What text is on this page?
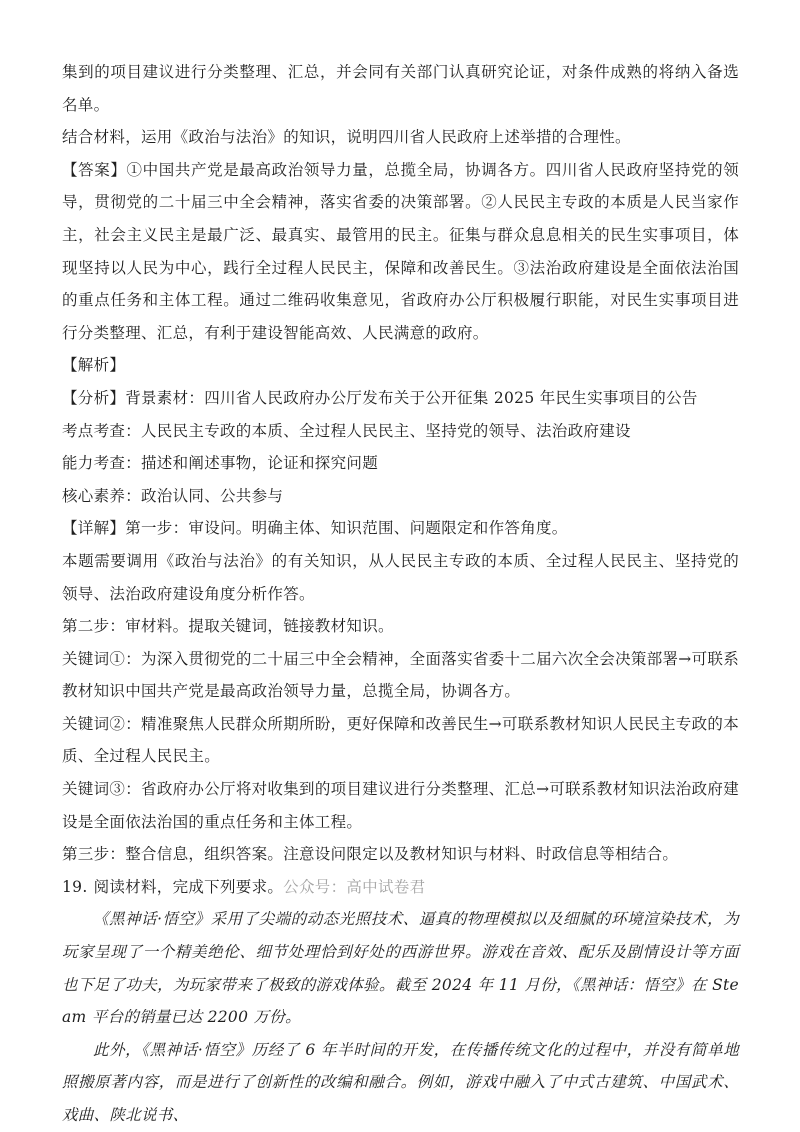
集到的项目建议进行分类整理、汇总，并会同有关部门认真研究论证，对条件成熟的将纳入备选名单。

结合材料，运用《政治与法治》的知识，说明四川省人民政府上述举措的合理性。

【答案】①中国共产党是最高政治领导力量，总揽全局，协调各方。四川省人民政府坚持党的领导，贯彻党的二十届三中全会精神，落实省委的决策部署。②人民民主专政的本质是人民当家作主，社会主义民主是最广泛、最真实、最管用的民主。征集与群众息息相关的民生实事项目，体现坚持以人民为中心，践行全过程人民民主，保障和改善民生。③法治政府建设是全面依法治国的重点任务和主体工程。通过二维码收集意见，省政府办公厅积极履行职能，对民生实事项目进行分类整理、汇总，有利于建设智能高效、人民满意的政府。

【解析】

【分析】背景素材：四川省人民政府办公厅发布关于公开征集 2025 年民生实事项目的公告

考点考查：人民民主专政的本质、全过程人民民主、坚持党的领导、法治政府建设

能力考查：描述和阐述事物，论证和探究问题

核心素养：政治认同、公共参与

【详解】第一步：审设问。明确主体、知识范围、问题限定和作答角度。

本题需要调用《政治与法治》的有关知识，从人民民主专政的本质、全过程人民民主、坚持党的领导、法治政府建设角度分析作答。

第二步：审材料。提取关键词，链接教材知识。

关键词①：为深入贯彻党的二十届三中全会精神，全面落实省委十二届六次全会决策部署→可联系教材知识中国共产党是最高政治领导力量，总揽全局，协调各方。

关键词②：精准聚焦人民群众所期所盼，更好保障和改善民生→可联系教材知识人民民主专政的本质、全过程人民民主。

关键词③：省政府办公厅将对收集到的项目建议进行分类整理、汇总→可联系教材知识法治政府建设是全面依法治国的重点任务和主体工程。

第三步：整合信息，组织答案。注意设问限定以及教材知识与材料、时政信息等相结合。

19. 阅读材料，完成下列要求。公众号：高中试卷君

《黑神话·悟空》采用了尖端的动态光照技术、逼真的物理模拟以及细腻的环境渲染技术，为玩家呈现了一个精美绝伦、细节处理恰到好处的西游世界。游戏在音效、配乐及剧情设计等方面也下足了功夫，为玩家带来了极致的游戏体验。截至 2024 年 11 月份，《黑神话：悟空》在 Steam 平台的销量已达 2200 万份。

此外，《黑神话·悟空》历经了 6 年半时间的开发，在传播传统文化的过程中，并没有简单地照搬原著内容，而是进行了创新性的改编和融合。例如，游戏中融入了中式古建筑、中国武术、戏曲、陕北说书、
